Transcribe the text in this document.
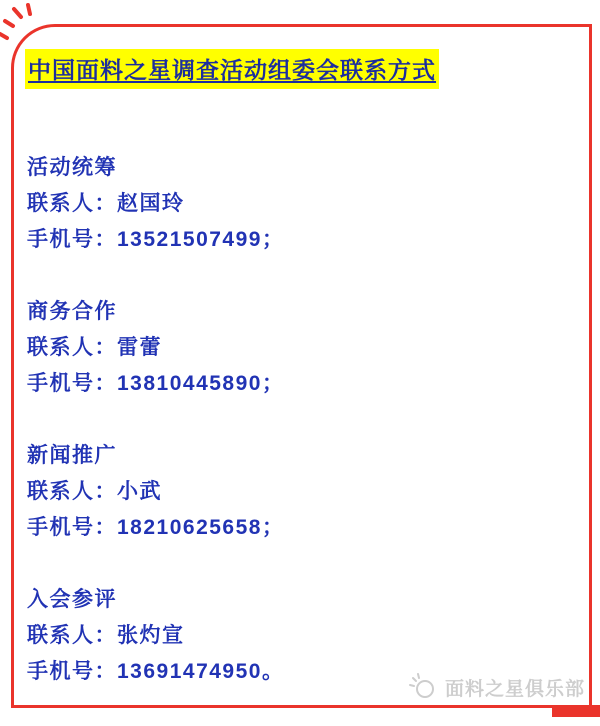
中国面料之星调查活动组委会联系方式
活动统筹
联系人：赵国玲
手机号：13521507499；
商务合作
联系人：雷蕾
手机号：13810445890；
新闻推广
联系人：小武
手机号：18210625658；
入会参评
联系人：张灼宣
手机号：13691474950。
面料之星俱乐部
